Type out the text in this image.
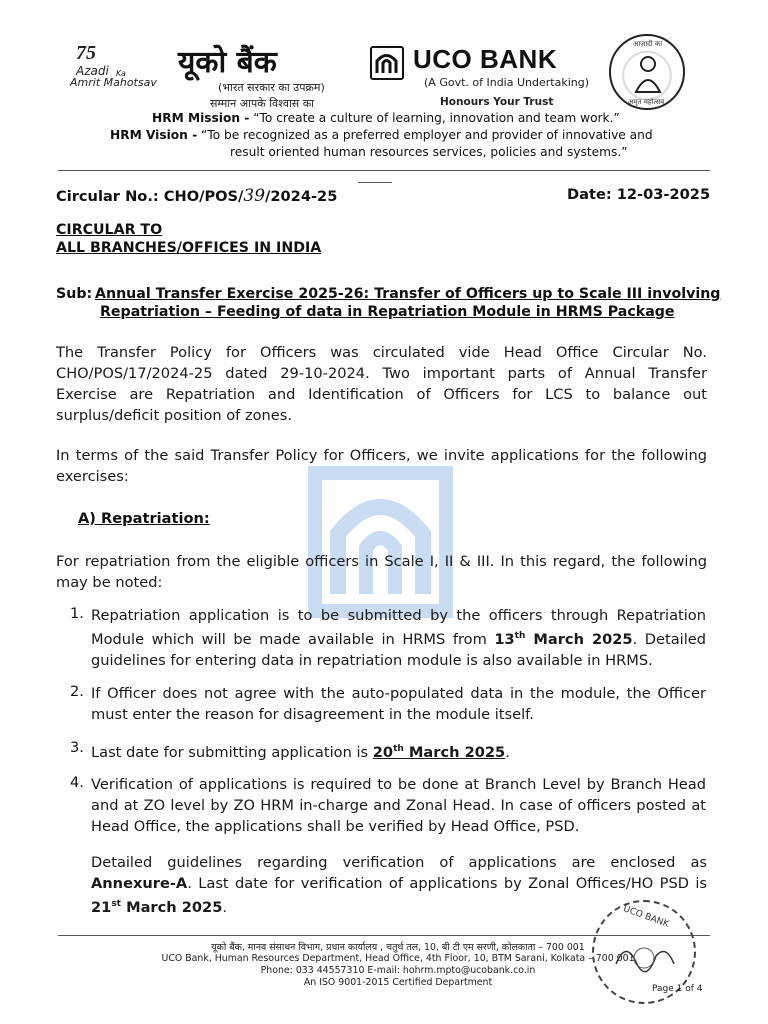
75
Azadi Ka
Amrit Mahotsav
यूको बैंक
(भारत सरकार का उपक्रम)
सम्मान आपके विश्वास का
UCO BANK
(A Govt. of India Undertaking)
Honours Your Trust
आज़ादी का
अमृत महोत्सव
HRM Mission - “To create a culture of learning, innovation and team work.”
HRM Vision - “To be recognized as a preferred employer and provider of innovative and
result oriented human resources services, policies and systems.”
Circular No.: CHO/POS/39/2024-25	Date: 12-03-2025
CIRCULAR TO
ALL BRANCHES/OFFICES IN INDIA
Sub: Annual Transfer Exercise 2025-26: Transfer of Officers up to Scale III involving
Repatriation – Feeding of data in Repatriation Module in HRMS Package
The Transfer Policy for Officers was circulated vide Head Office Circular No. CHO/POS/17/2024-25 dated 29-10-2024. Two important parts of Annual Transfer Exercise are Repatriation and Identification of Officers for LCS to balance out surplus/deficit position of zones.
In terms of the said Transfer Policy for Officers, we invite applications for the following exercises:
A) Repatriation:
For repatriation from the eligible officers in Scale I, II & III. In this regard, the following may be noted:
1. Repatriation application is to be submitted by the officers through Repatriation Module which will be made available in HRMS from 13th March 2025. Detailed guidelines for entering data in repatriation module is also available in HRMS.
2. If Officer does not agree with the auto-populated data in the module, the Officer must enter the reason for disagreement in the module itself.
3. Last date for submitting application is 20th March 2025.
4. Verification of applications is required to be done at Branch Level by Branch Head and at ZO level by ZO HRM in-charge and Zonal Head. In case of officers posted at Head Office, the applications shall be verified by Head Office, PSD.
Detailed guidelines regarding verification of applications are enclosed as Annexure-A. Last date for verification of applications by Zonal Offices/HO PSD is 21st March 2025.
यूको बैंक, मानव संसाधन विभाग, प्रधान कार्यालय , चतुर्थ तल, 10, बी टी एम सरणी, कोलकाता – 700 001
UCO Bank, Human Resources Department, Head Office, 4th Floor, 10, BTM Sarani, Kolkata – 700 001
Phone: 033 44557310 E-mail: hohrm.mpto@ucobank.co.in
An ISO 9001-2015 Certified Department
UCO BANK
Page 1 of 4
